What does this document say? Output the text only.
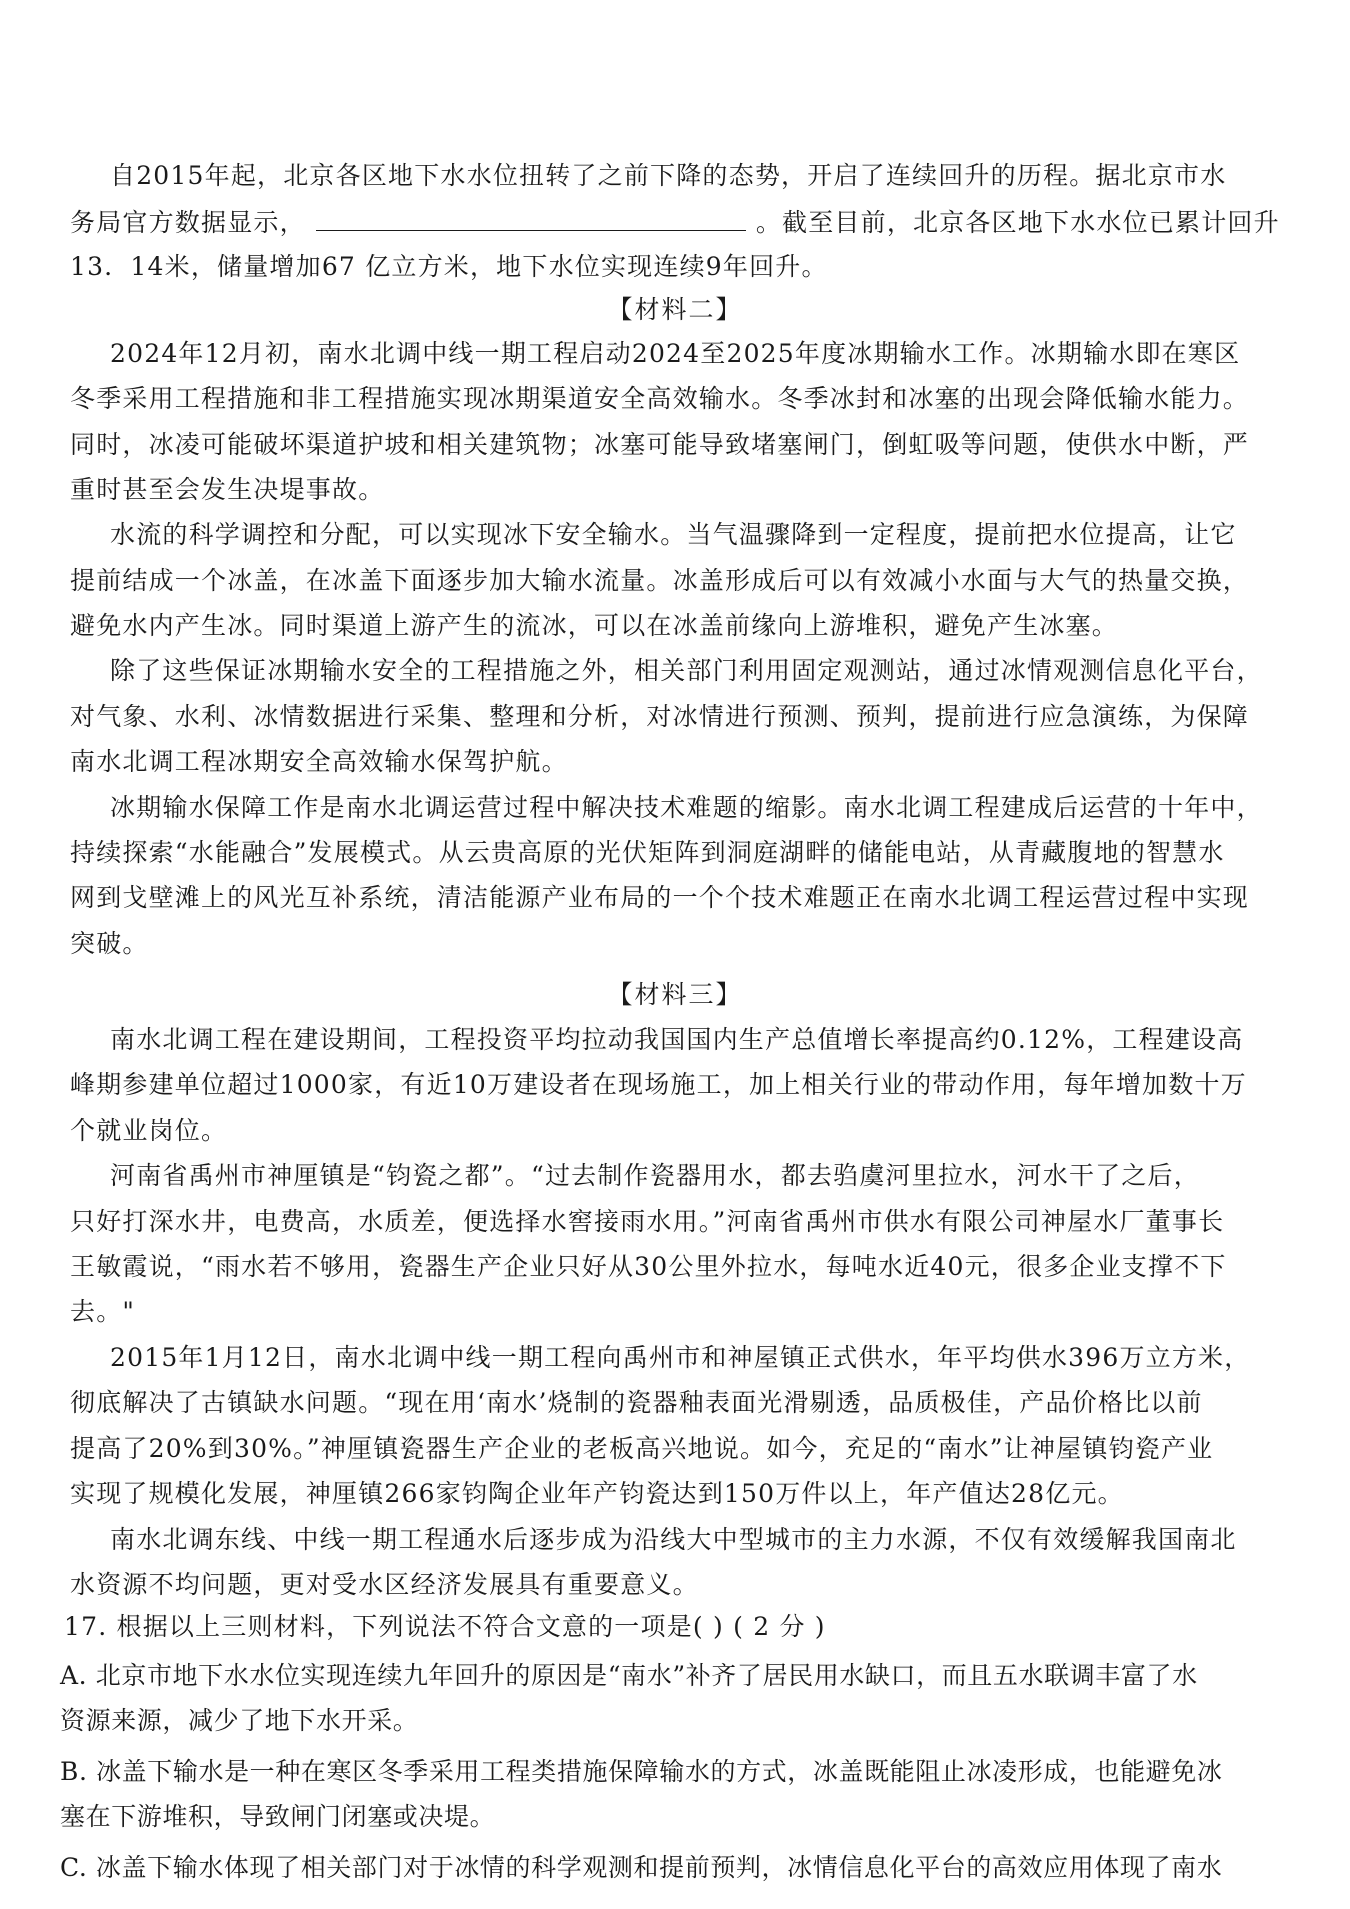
自2015年起，北京各区地下水水位扭转了之前下降的态势，开启了连续回升的历程。据北京市水
务局官方数据显示，	。截至目前，北京各区地下水水位已累计回升
13．14米，储量增加67 亿立方米，地下水位实现连续9年回升。
【材料二】
2024年12月初，南水北调中线一期工程启动2024至2025年度冰期输水工作。冰期输水即在寒区
冬季采用工程措施和非工程措施实现冰期渠道安全高效输水。冬季冰封和冰塞的出现会降低输水能力。
同时，冰凌可能破坏渠道护坡和相关建筑物；冰塞可能导致堵塞闸门，倒虹吸等问题，使供水中断，严
重时甚至会发生决堤事故。
水流的科学调控和分配，可以实现冰下安全输水。当气温骤降到一定程度，提前把水位提高，让它
提前结成一个冰盖，在冰盖下面逐步加大输水流量。冰盖形成后可以有效减小水面与大气的热量交换，
避免水内产生冰。同时渠道上游产生的流冰，可以在冰盖前缘向上游堆积，避免产生冰塞。
除了这些保证冰期输水安全的工程措施之外，相关部门利用固定观测站，通过冰情观测信息化平台，
对气象、水利、冰情数据进行采集、整理和分析，对冰情进行预测、预判，提前进行应急演练，为保障
南水北调工程冰期安全高效输水保驾护航。
冰期输水保障工作是南水北调运营过程中解决技术难题的缩影。南水北调工程建成后运营的十年中，
持续探索“水能融合”发展模式。从云贵高原的光伏矩阵到洞庭湖畔的储能电站，从青藏腹地的智慧水
网到戈壁滩上的风光互补系统，清洁能源产业布局的一个个技术难题正在南水北调工程运营过程中实现
突破。
【材料三】
南水北调工程在建设期间，工程投资平均拉动我国国内生产总值增长率提高约0.12%，工程建设高
峰期参建单位超过1000家，有近10万建设者在现场施工，加上相关行业的带动作用，每年增加数十万
个就业岗位。
河南省禹州市神厘镇是“钧瓷之都”。“过去制作瓷器用水，都去驺虞河里拉水，河水干了之后，
只好打深水井，电费高，水质差，便选择水窖接雨水用。”河南省禹州市供水有限公司神屋水厂董事长
王敏霞说，“雨水若不够用，瓷器生产企业只好从30公里外拉水，每吨水近40元，很多企业支撑不下
去。"
2015年1月12日，南水北调中线一期工程向禹州市和神屋镇正式供水，年平均供水396万立方米，
彻底解决了古镇缺水问题。“现在用‘南水’烧制的瓷器釉表面光滑剔透，品质极佳，产品价格比以前
提高了20%到30%。”神厘镇瓷器生产企业的老板高兴地说。如今，充足的“南水”让神屋镇钧瓷产业
实现了规模化发展，神厘镇266家钧陶企业年产钧瓷达到150万件以上，年产值达28亿元。
南水北调东线、中线一期工程通水后逐步成为沿线大中型城市的主力水源，不仅有效缓解我国南北
水资源不均问题，更对受水区经济发展具有重要意义。
17. 根据以上三则材料，下列说法不符合文意的一项是( ) ( 2 分 )
A. 北京市地下水水位实现连续九年回升的原因是“南水”补齐了居民用水缺口，而且五水联调丰富了水
资源来源，减少了地下水开采。
B. 冰盖下输水是一种在寒区冬季采用工程类措施保障输水的方式，冰盖既能阻止冰凌形成，也能避免冰
塞在下游堆积，导致闸门闭塞或决堤。
C. 冰盖下输水体现了相关部门对于冰情的科学观测和提前预判，冰情信息化平台的高效应用体现了南水
